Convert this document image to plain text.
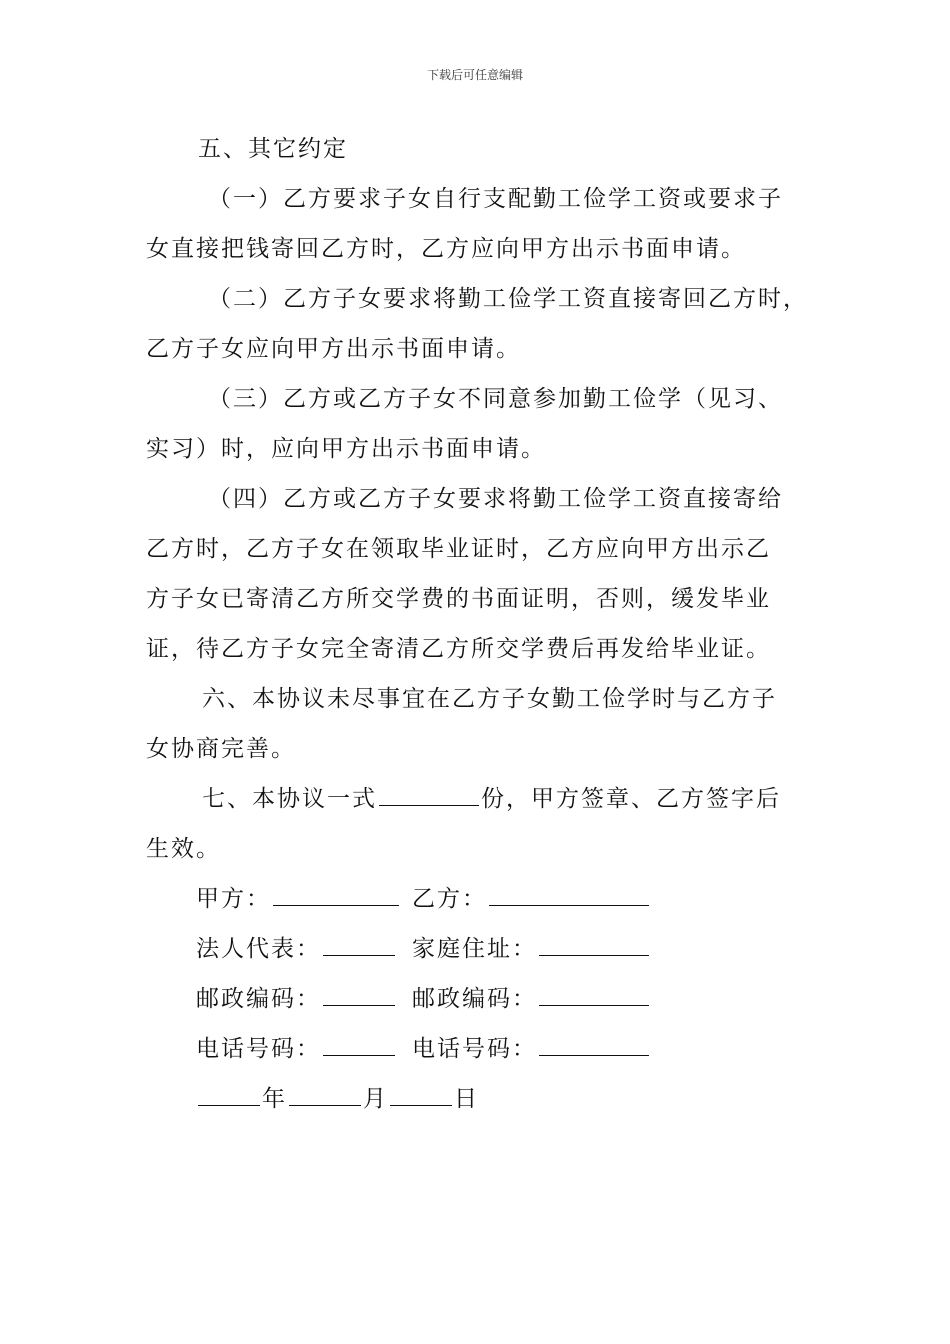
下载后可任意编辑
五、其它约定
（一）乙方要求子女自行支配勤工俭学工资或要求子
女直接把钱寄回乙方时，乙方应向甲方出示书面申请。
（二）乙方子女要求将勤工俭学工资直接寄回乙方时，
乙方子女应向甲方出示书面申请。
（三）乙方或乙方子女不同意参加勤工俭学（见习、
实习）时，应向甲方出示书面申请。
（四）乙方或乙方子女要求将勤工俭学工资直接寄给
乙方时，乙方子女在领取毕业证时，乙方应向甲方出示乙
方子女已寄清乙方所交学费的书面证明，否则，缓发毕业
证，待乙方子女完全寄清乙方所交学费后再发给毕业证。
六、本协议未尽事宜在乙方子女勤工俭学时与乙方子
女协商完善。
七、本协议一式	份，甲方签章、乙方签字后
生效。
甲方：	乙方：
法人代表：	家庭住址：
邮政编码：	邮政编码：
电话号码：	电话号码：
年	月	日
